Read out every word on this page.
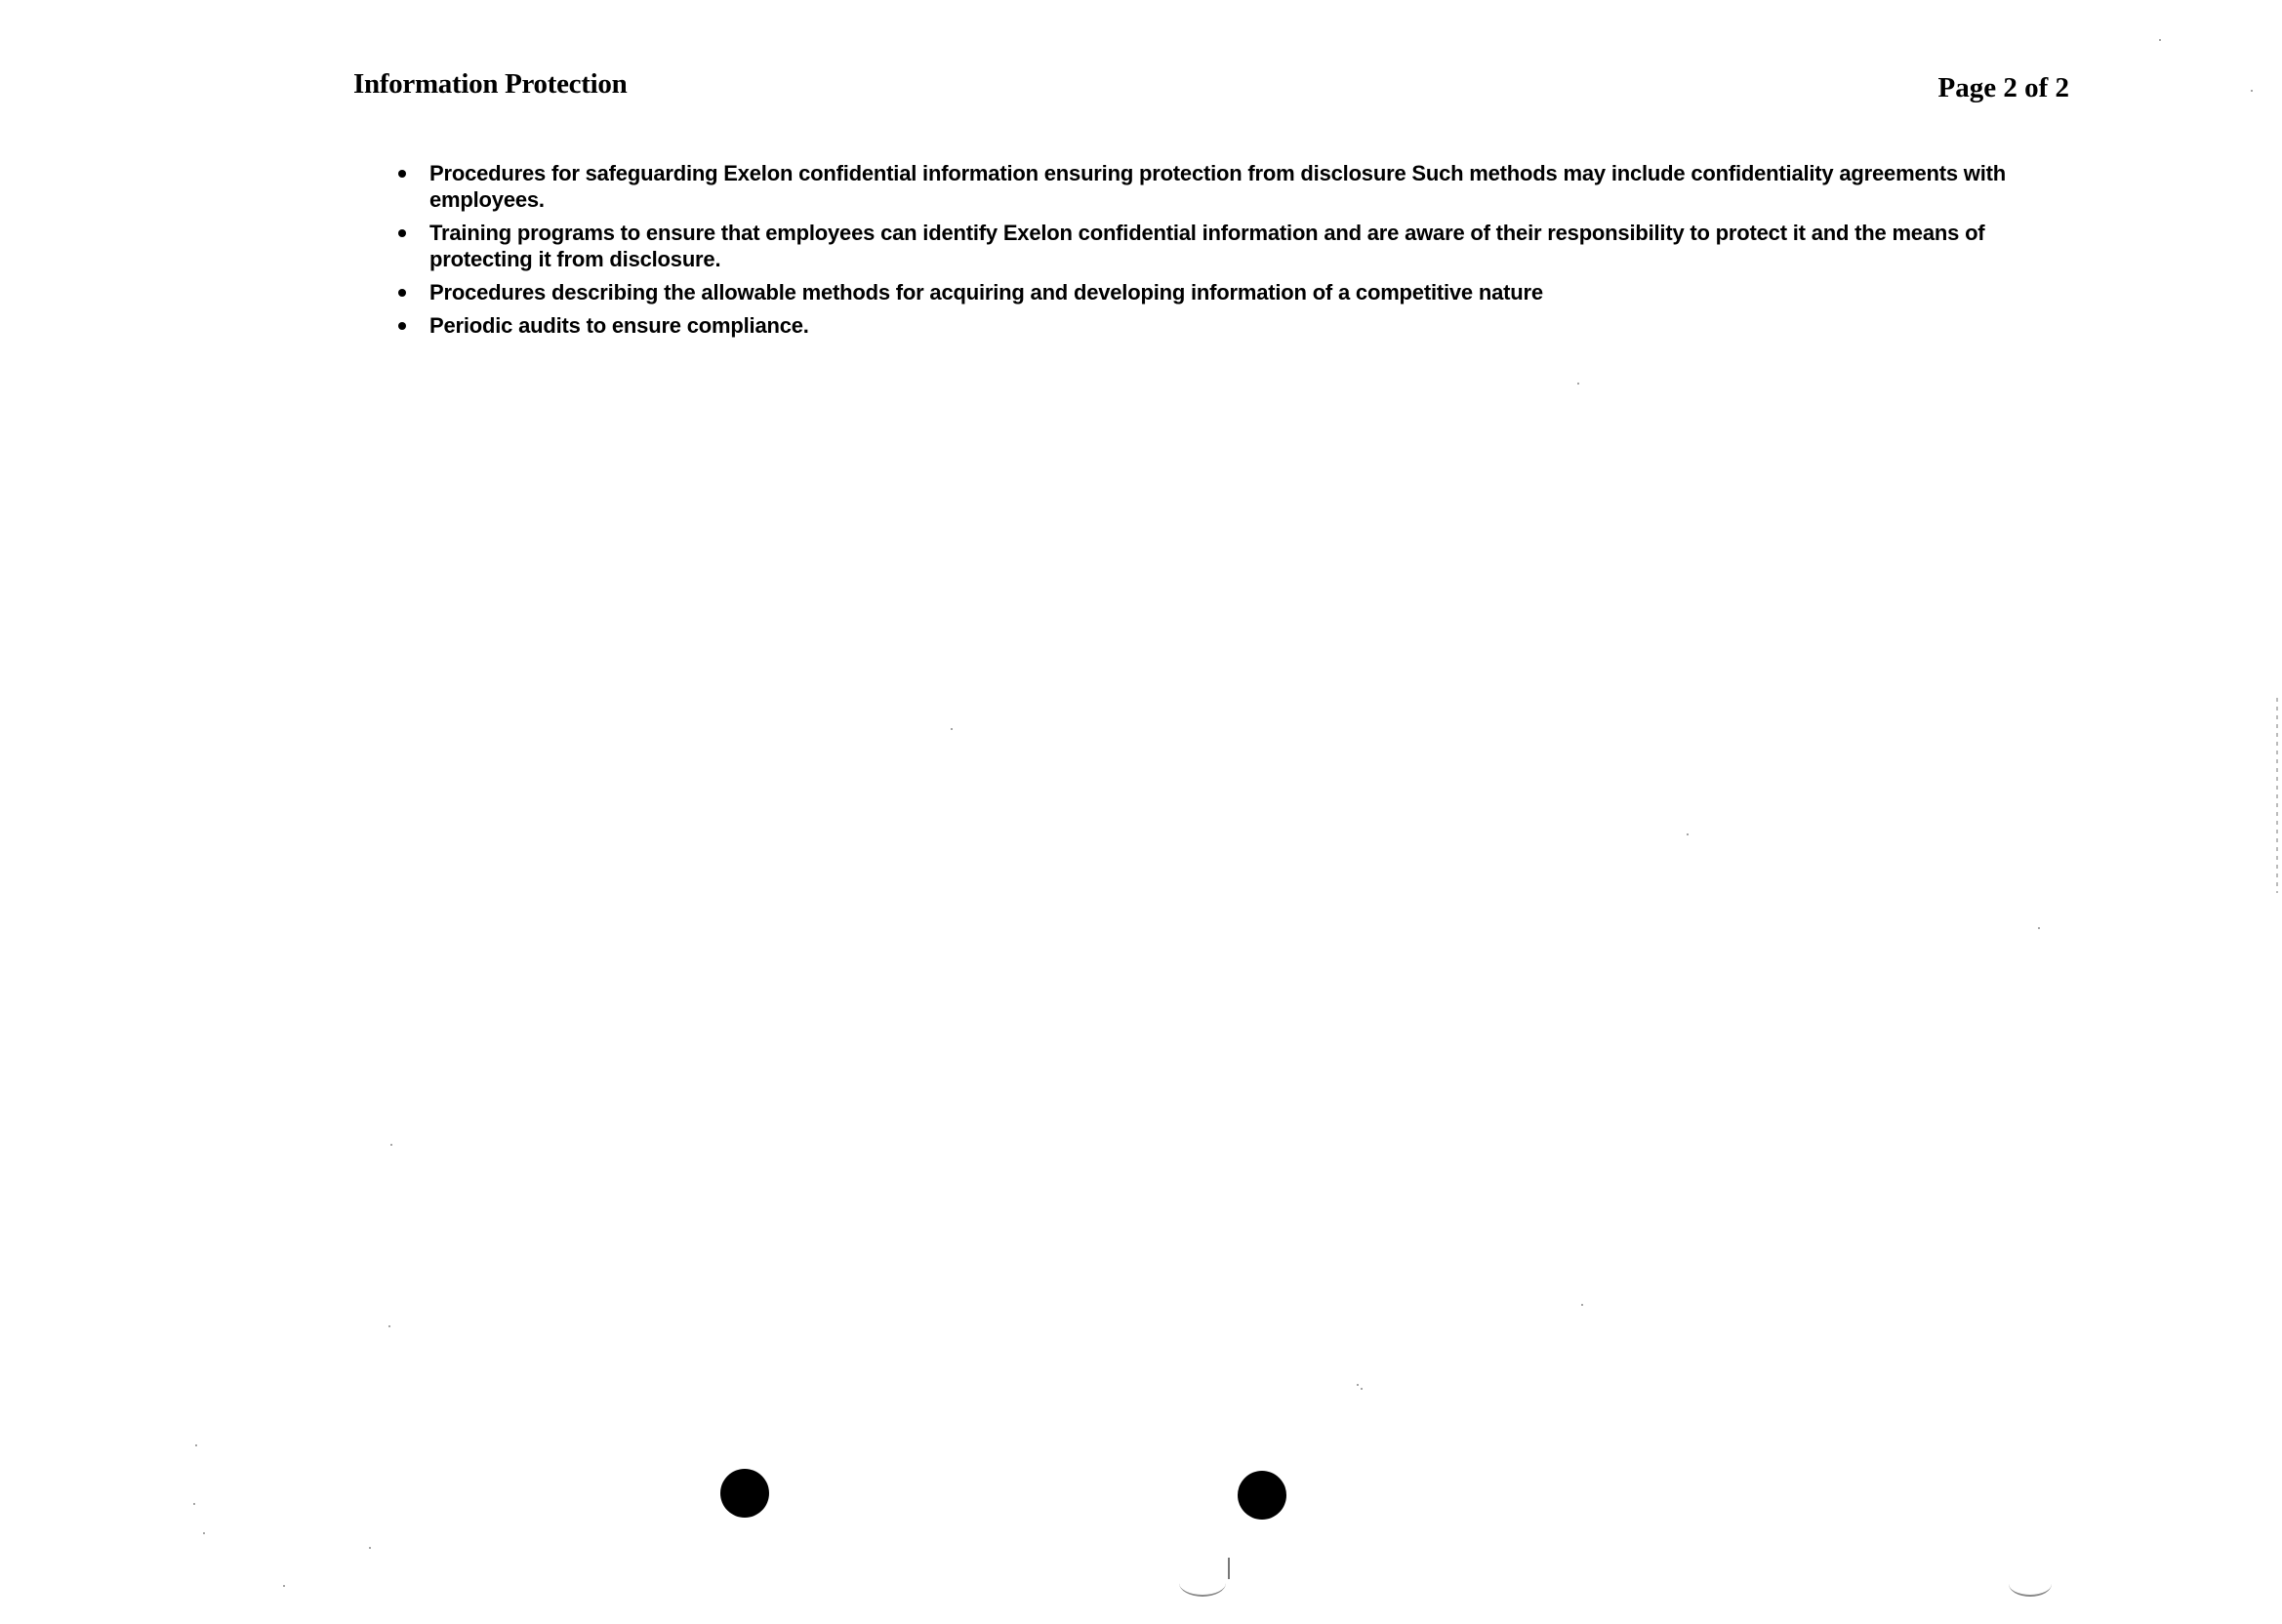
Information Protection	Page 2 of 2
Procedures for safeguarding Exelon confidential information ensuring protection from disclosure Such methods may include confidentiality agreements with employees.
Training programs to ensure that employees can identify Exelon confidential information and are aware of their responsibility to protect it and the means of protecting it from disclosure.
Procedures describing the allowable methods for acquiring and developing information of a competitive nature
Periodic audits to ensure compliance.
